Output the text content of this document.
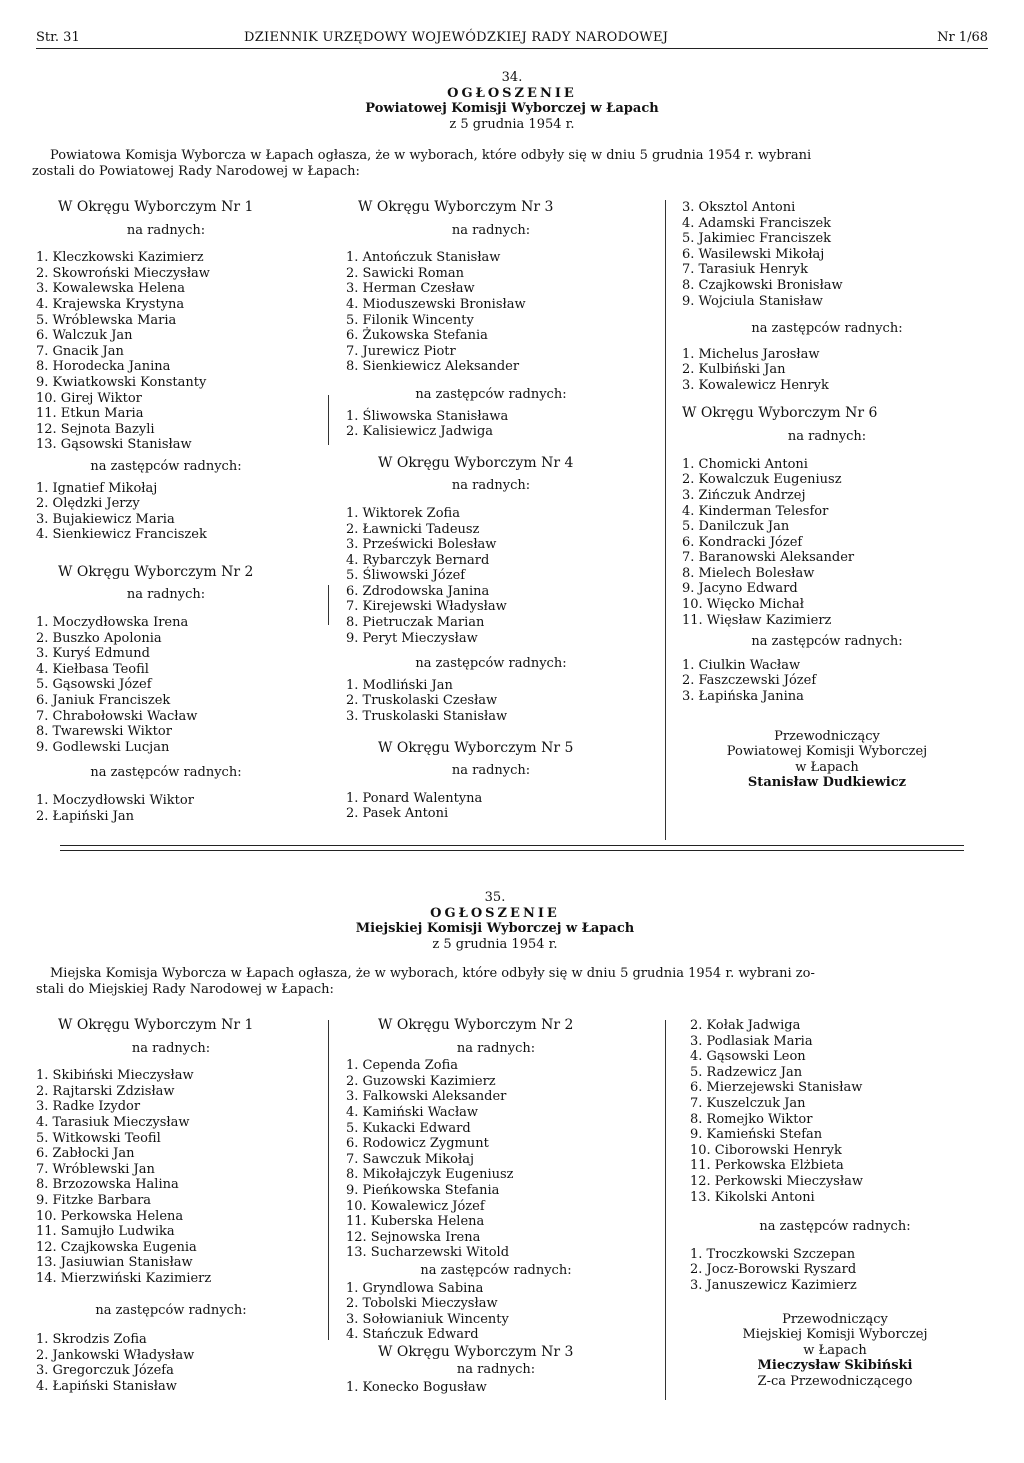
Str. 31	DZIENNIK URZĘDOWY WOJEWÓDZKIEJ RADY NARODOWEJ	Nr 1/68
34.
OGŁOSZENIE
Powiatowej Komisji Wyborczej w Łapach
z 5 grudnia 1954 r.
Powiatowa Komisja Wyborcza w Łapach ogłasza, że w wyborach, które odbyły się w dniu 5 grudnia 1954 r. wybrani
zostali do Powiatowej Rady Narodowej w Łapach:
W Okręgu Wyborczym Nr 1
na radnych:
1. Kleczkowski Kazimierz
2. Skowroński Mieczysław
3. Kowalewska Helena
4. Krajewska Krystyna
5. Wróblewska Maria
6. Walczuk Jan
7. Gnacik Jan
8. Horodecka Janina
9. Kwiatkowski Konstanty
10. Girej Wiktor
11. Etkun Maria
12. Sejnota Bazyli
13. Gąsowski Stanisław
na zastępców radnych:
1. Ignatief Mikołaj
2. Olędzki Jerzy
3. Bujakiewicz Maria
4. Sienkiewicz Franciszek
W Okręgu Wyborczym Nr 2
na radnych:
1. Moczydłowska Irena
2. Buszko Apolonia
3. Kuryś Edmund
4. Kiełbasa Teofil
5. Gąsowski Józef
6. Janiuk Franciszek
7. Chrabołowski Wacław
8. Twarewski Wiktor
9. Godlewski Lucjan
na zastępców radnych:
1. Moczydłowski Wiktor
2. Łapiński Jan
W Okręgu Wyborczym Nr 3
na radnych:
1. Antończuk Stanisław
2. Sawicki Roman
3. Herman Czesław
4. Mioduszewski Bronisław
5. Filonik Wincenty
6. Żukowska Stefania
7. Jurewicz Piotr
8. Sienkiewicz Aleksander
na zastępców radnych:
1. Śliwowska Stanisława
2. Kalisiewicz Jadwiga
W Okręgu Wyborczym Nr 4
na radnych:
1. Wiktorek Zofia
2. Ławnicki Tadeusz
3. Prześwicki Bolesław
4. Rybarczyk Bernard
5. Śliwowski Józef
6. Zdrodowska Janina
7. Kirejewski Władysław
8. Pietruczak Marian
9. Peryt Mieczysław
na zastępców radnych:
1. Modliński Jan
2. Truskolaski Czesław
3. Truskolaski Stanisław
W Okręgu Wyborczym Nr 5
na radnych:
1. Ponard Walentyna
2. Pasek Antoni
3. Oksztol Antoni
4. Adamski Franciszek
5. Jakimiec Franciszek
6. Wasilewski Mikołaj
7. Tarasiuk Henryk
8. Czajkowski Bronisław
9. Wojciula Stanisław
na zastępców radnych:
1. Michelus Jarosław
2. Kulbiński Jan
3. Kowalewicz Henryk
W Okręgu Wyborczym Nr 6
na radnych:
1. Chomicki Antoni
2. Kowalczuk Eugeniusz
3. Zińczuk Andrzej
4. Kinderman Telesfor
5. Danilczuk Jan
6. Kondracki Józef
7. Baranowski Aleksander
8. Mielech Bolesław
9. Jacyno Edward
10. Więcko Michał
11. Więsław Kazimierz
na zastępców radnych:
1. Ciulkin Wacław
2. Faszczewski Józef
3. Łapińska Janina
Przewodniczący
Powiatowej Komisji Wyborczej
w Łapach
Stanisław Dudkiewicz
35.
OGŁOSZENIE
Miejskiej Komisji Wyborczej w Łapach
z 5 grudnia 1954 r.
Miejska Komisja Wyborcza w Łapach ogłasza, że w wyborach, które odbyły się w dniu 5 grudnia 1954 r. wybrani zo-
stali do Miejskiej Rady Narodowej w Łapach:
W Okręgu Wyborczym Nr 1
na radnych:
1. Skibiński Mieczysław
2. Rajtarski Zdzisław
3. Radke Izydor
4. Tarasiuk Mieczysław
5. Witkowski Teofil
6. Zabłocki Jan
7. Wróblewski Jan
8. Brzozowska Halina
9. Fitzke Barbara
10. Perkowska Helena
11. Samujło Ludwika
12. Czajkowska Eugenia
13. Jasiuwian Stanisław
14. Mierzwiński Kazimierz
na zastępców radnych:
1. Skrodzis Zofia
2. Jankowski Władysław
3. Gregorczuk Józefa
4. Łapiński Stanisław
W Okręgu Wyborczym Nr 2
na radnych:
1. Cependa Zofia
2. Guzowski Kazimierz
3. Falkowski Aleksander
4. Kamiński Wacław
5. Kukacki Edward
6. Rodowicz Zygmunt
7. Sawczuk Mikołaj
8. Mikołajczyk Eugeniusz
9. Pieńkowska Stefania
10. Kowalewicz Józef
11. Kuberska Helena
12. Sejnowska Irena
13. Sucharzewski Witold
na zastępców radnych:
1. Gryndlowa Sabina
2. Tobolski Mieczysław
3. Sołowianiuk Wincenty
4. Stańczuk Edward
W Okręgu Wyborczym Nr 3
na radnych:
1. Konecko Bogusław
2. Kołak Jadwiga
3. Podlasiak Maria
4. Gąsowski Leon
5. Radzewicz Jan
6. Mierzejewski Stanisław
7. Kuszelczuk Jan
8. Romejko Wiktor
9. Kamieński Stefan
10. Ciborowski Henryk
11. Perkowska Elżbieta
12. Perkowski Mieczysław
13. Kikolski Antoni
na zastępców radnych:
1. Troczkowski Szczepan
2. Jocz-Borowski Ryszard
3. Januszewicz Kazimierz
Przewodniczący
Miejskiej Komisji Wyborczej
w Łapach
Mieczysław Skibiński
Z-ca Przewodniczącego
